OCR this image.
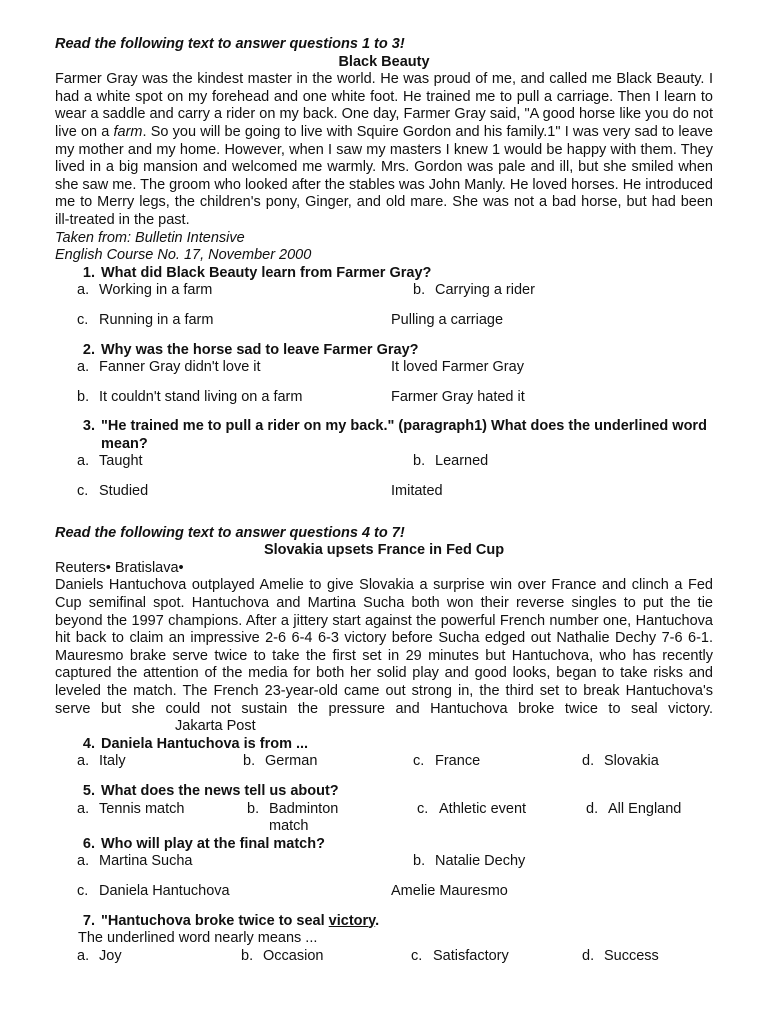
Read the following text to answer questions 1 to 3!
Black Beauty
Farmer Gray was the kindest master in the world. He was proud of me, and called me Black Beauty. I had a white spot on my forehead and one white foot. He trained me to pull a carriage. Then I learn to wear a saddle and carry a rider on my back. One day, Farmer Gray said, "A good horse like you do not live on a farm. So you will be going to live with Squire Gordon and his family.1" I was very sad to leave my mother and my home. However, when I saw my masters I knew 1 would be happy with them. They lived in a big mansion and welcomed me warmly. Mrs. Gordon was pale and ill, but she smiled when she saw me. The groom who looked after the stables was John Manly. He loved horses. He introduced me to Merry legs, the children's pony, Ginger, and old mare. She was not a bad horse, but had been ill-treated in the past.
Taken from: Bulletin Intensive
English Course No. 17, November 2000
1. What did Black Beauty learn from Farmer Gray?
a. Working in a farm	b. Carrying a rider
c. Running in a farm	Pulling a carriage
2. Why was the horse sad to leave Farmer Gray?
a. Fanner Gray didn't love it	It loved Farmer Gray
b. It couldn't stand living on a farm	Farmer Gray hated it
3. "He trained me to pull a rider on my back." (paragraph1) What does the underlined word mean?
a. Taught	b. Learned
c. Studied	Imitated
Read the following text to answer questions 4 to 7!
Slovakia upsets France in Fed Cup
Reuters• Bratislava•
Daniels Hantuchova outplayed Amelie to give Slovakia a surprise win over France and clinch a Fed Cup semifinal spot. Hantuchova and Martina Sucha both won their reverse singles to put the tie beyond the 1997 champions. After a jittery start against the powerful French number one, Hantuchova hit back to claim an impressive 2-6 6-4 6-3 victory before Sucha edged out Nathalie Dechy 7-6 6-1. Mauresmo brake serve twice to take the first set in 29 minutes but Hantuchova, who has recently captured the attention of the media for both her solid play and good looks, began to take risks and leveled the match. The French 23-year-old came out strong in, the third set to break Hantuchova's serve but she could not sustain the pressure and Hantuchova broke twice to seal victory.Jakarta Post
4. Daniela Hantuchova is from ...
a. Italy	b. German	c. France	d. Slovakia
5. What does the news tell us about?
a. Tennis match	b. Badminton
match
c. Athletic event	d. All England
6. Who will play at the final match?
a. Martina Sucha	b. Natalie Dechy
c. Daniela Hantuchova	Amelie Mauresmo
7. "Hantuchova broke twice to seal victory.
The underlined word nearly means ...
a. Joy	b. Occasion	c. Satisfactory	d. Success
